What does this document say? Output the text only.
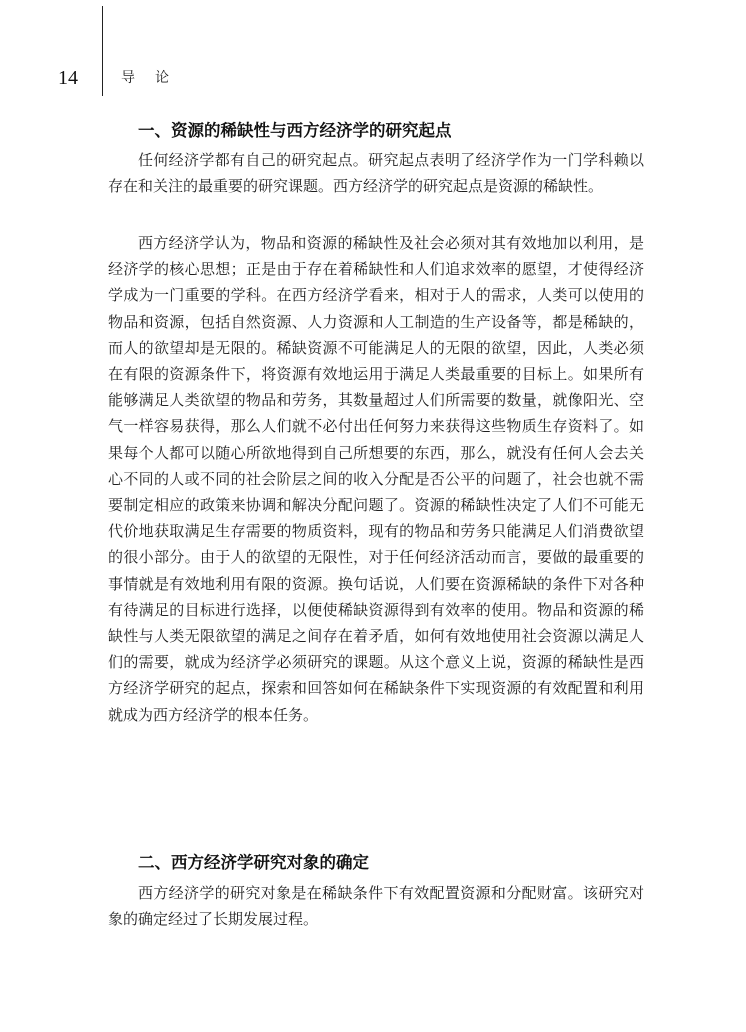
14	导论
一、资源的稀缺性与西方经济学的研究起点

任何经济学都有自己的研究起点。研究起点表明了经济学作为一门学科赖以存在和关注的最重要的研究课题。西方经济学的研究起点是资源的稀缺性。

西方经济学认为，物品和资源的稀缺性及社会必须对其有效地加以利用，是经济学的核心思想；正是由于存在着稀缺性和人们追求效率的愿望，才使得经济学成为一门重要的学科。在西方经济学看来，相对于人的需求，人类可以使用的物品和资源，包括自然资源、人力资源和人工制造的生产设备等，都是稀缺的，而人的欲望却是无限的。稀缺资源不可能满足人的无限的欲望，因此，人类必须在有限的资源条件下，将资源有效地运用于满足人类最重要的目标上。如果所有能够满足人类欲望的物品和劳务，其数量超过人们所需要的数量，就像阳光、空气一样容易获得，那么人们就不必付出任何努力来获得这些物质生存资料了。如果每个人都可以随心所欲地得到自己所想要的东西，那么，就没有任何人会去关心不同的人或不同的社会阶层之间的收入分配是否公平的问题了，社会也就不需要制定相应的政策来协调和解决分配问题了。资源的稀缺性决定了人们不可能无代价地获取满足生存需要的物质资料，现有的物品和劳务只能满足人们消费欲望的很小部分。由于人的欲望的无限性，对于任何经济活动而言，要做的最重要的事情就是有效地利用有限的资源。换句话说，人们要在资源稀缺的条件下对各种有待满足的目标进行选择，以便使稀缺资源得到有效率的使用。物品和资源的稀缺性与人类无限欲望的满足之间存在着矛盾，如何有效地使用社会资源以满足人们的需要，就成为经济学必须研究的课题。从这个意义上说，资源的稀缺性是西方经济学研究的起点，探索和回答如何在稀缺条件下实现资源的有效配置和利用就成为西方经济学的根本任务。

二、西方经济学研究对象的确定

西方经济学的研究对象是在稀缺条件下有效配置资源和分配财富。该研究对象的确定经过了长期发展过程。
